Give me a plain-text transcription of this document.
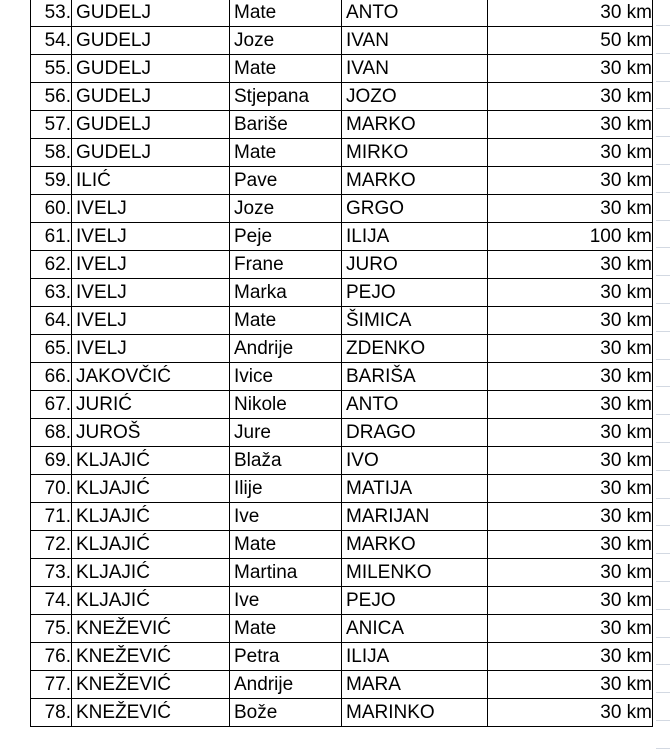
53.	GUDELJ	Mate	ANTO	30 km
54.	GUDELJ	Joze	IVAN	50 km
55.	GUDELJ	Mate	IVAN	30 km
56.	GUDELJ	Stjepana	JOZO	30 km
57.	GUDELJ	Bariše	MARKO	30 km
58.	GUDELJ	Mate	MIRKO	30 km
59.	ILIĆ	Pave	MARKO	30 km
60.	IVELJ	Joze	GRGO	30 km
61.	IVELJ	Peje	ILIJA	100 km
62.	IVELJ	Frane	JURO	30 km
63.	IVELJ	Marka	PEJO	30 km
64.	IVELJ	Mate	ŠIMICA	30 km
65.	IVELJ	Andrije	ZDENKO	30 km
66.	JAKOVČIĆ	Ivice	BARIŠA	30 km
67.	JURIĆ	Nikole	ANTO	30 km
68.	JUROŠ	Jure	DRAGO	30 km
69.	KLJAJIĆ	Blaža	IVO	30 km
70.	KLJAJIĆ	Ilije	MATIJA	30 km
71.	KLJAJIĆ	Ive	MARIJAN	30 km
72.	KLJAJIĆ	Mate	MARKO	30 km
73.	KLJAJIĆ	Martina	MILENKO	30 km
74.	KLJAJIĆ	Ive	PEJO	30 km
75.	KNEŽEVIĆ	Mate	ANICA	30 km
76.	KNEŽEVIĆ	Petra	ILIJA	30 km
77.	KNEŽEVIĆ	Andrije	MARA	30 km
78.	KNEŽEVIĆ	Bože	MARINKO	30 km
